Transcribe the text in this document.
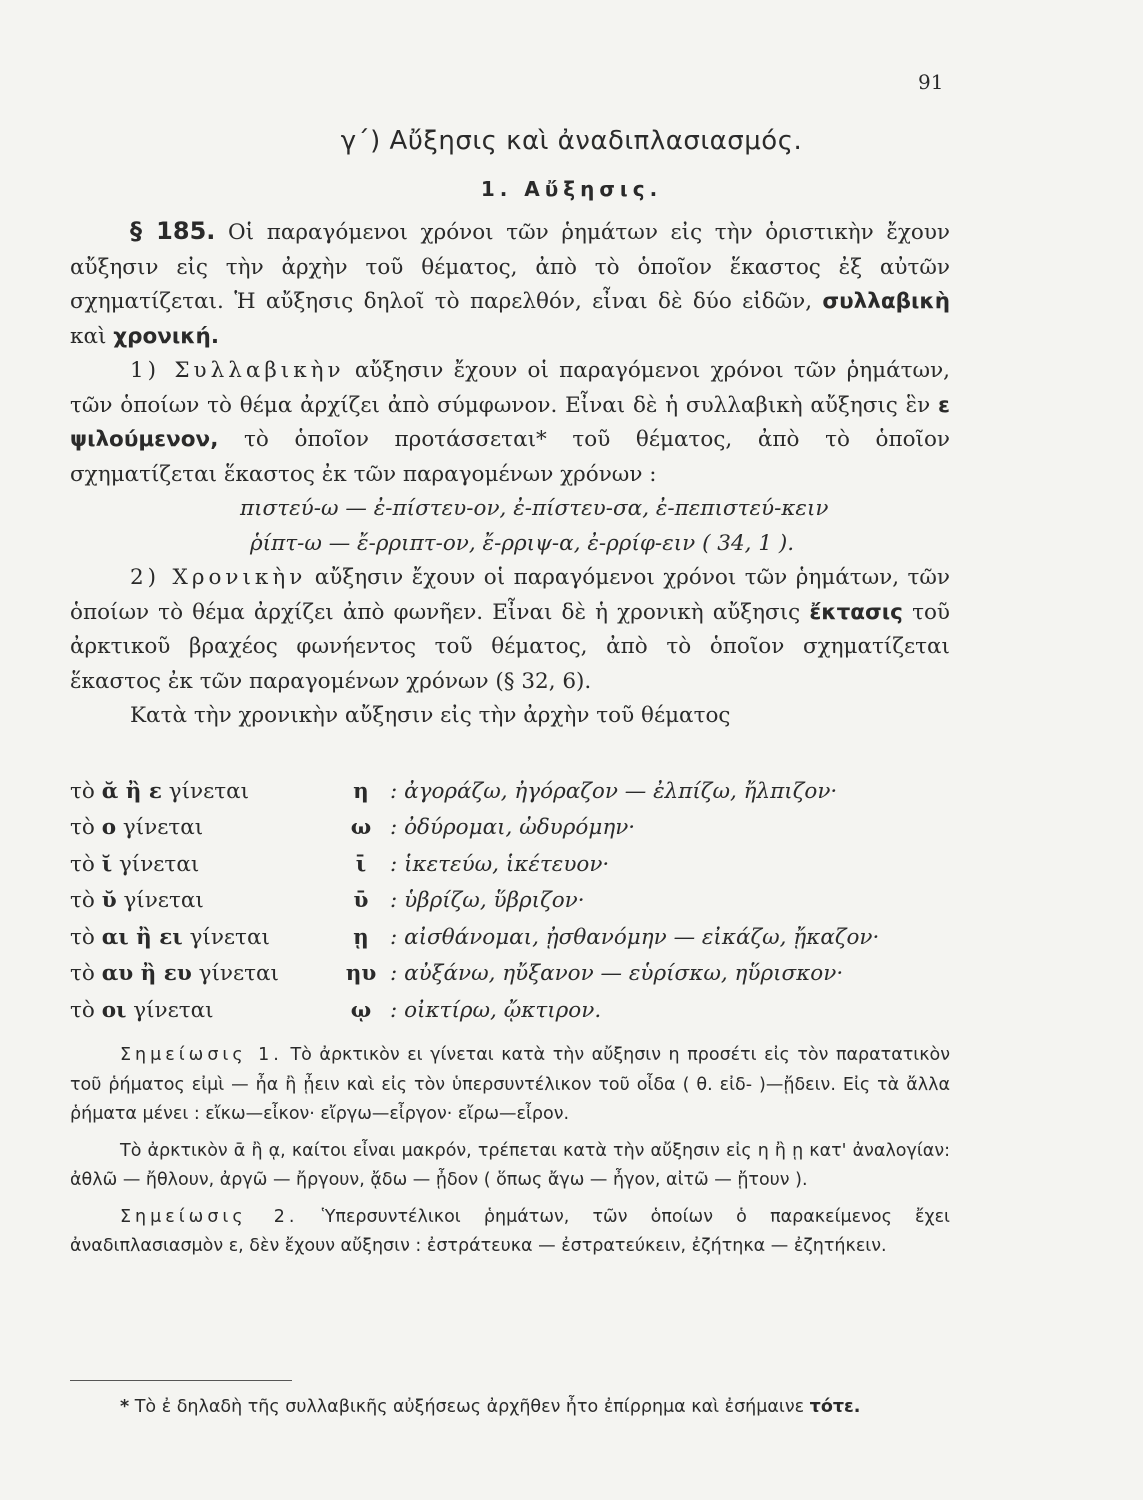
91
γ΄) Αὔξησις καὶ ἀναδιπλασιασμός.
1. Αὔξησις.

§ 185. Οἱ παραγόμενοι χρόνοι τῶν ῥημάτων εἰς τὴν ὁριστικὴν ἔχουν αὔξησιν εἰς τὴν ἀρχὴν τοῦ θέματος, ἀπὸ τὸ ὁποῖον ἕκαστος ἐξ αὐτῶν σχηματίζεται. Ἡ αὔξησις δηλοῖ τὸ παρελθόν, εἶναι δὲ δύο εἰδῶν, συλλαβικὴ καὶ χρονική.

1) Συλλαβικὴν αὔξησιν ἔχουν οἱ παραγόμενοι χρόνοι τῶν ῥημάτων, τῶν ὁποίων τὸ θέμα ἀρχίζει ἀπὸ σύμφωνον. Εἶναι δὲ ἡ συλλαβικὴ αὔξησις ἓν ε ψιλούμενον, τὸ ὁποῖον προτάσσεται* τοῦ θέματος, ἀπὸ τὸ ὁποῖον σχηματίζεται ἕκαστος ἐκ τῶν παραγομένων χρόνων :

πιστεύ-ω — ἐ-πίστευ-ον, ἐ-πίστευ-σα, ἐ-πεπιστεύ-κειν

ῥίπτ-ω — ἔ-ρριπτ-ον, ἔ-ρριψ-α, ἐ-ρρίφ-ειν ( 34, 1 ).

2) Χρονικὴν αὔξησιν ἔχουν οἱ παραγόμενοι χρόνοι τῶν ῥημάτων, τῶν ὁποίων τὸ θέμα ἀρχίζει ἀπὸ φωνῆεν. Εἶναι δὲ ἡ χρονικὴ αὔξησις ἔκτασις τοῦ ἀρκτικοῦ βραχέος φωνήεντος τοῦ θέματος, ἀπὸ τὸ ὁποῖον σχηματίζεται ἕκαστος ἐκ τῶν παραγομένων χρόνων (§ 32, 6).

Κατὰ τὴν χρονικὴν αὔξησιν εἰς τὴν ἀρχὴν τοῦ θέματος

τὸ ᾰ ἢ ε γίνεται	η : ἀγοράζω, ἠγόραζον — ἐλπίζω, ἤλπιζον·
τὸ ο γίνεται	ω : ὀδύρομαι, ὠδυρόμην·
τὸ ῐ γίνεται	ῑ	: ἱκετεύω, ἱκέτευον·
τὸ ῠ γίνεται	ῡ	: ὑβρίζω, ὕβριζον·
τὸ αι ἢ ει γίνεται	ῃ : αἰσθάνομαι, ᾐσθανόμην — εἰκάζω, ᾔκαζον·
τὸ αυ ἢ ευ γίνεται	ηυ : αὐξάνω, ηὔξανον — εὑρίσκω, ηὕρισκον·
τὸ οι γίνεται	ῳ : οἰκτίρω, ᾤκτιρον.

Σημείωσις 1. Τὸ ἀρκτικὸν ει γίνεται κατὰ τὴν αὔξησιν η προσέτι εἰς τὸν παρατατικὸν τοῦ ῥήματος εἰμὶ — ἦα ἢ ᾖειν καὶ εἰς τὸν ὑπερσυντέλικον τοῦ οἶδα ( θ. εἰδ- )—ᾔδειν. Εἰς τὰ ἄλλα ῥήματα μένει : εἴκω—εἶκον· εἴργω—εἶργον· εἴρω—εἶρον.

Τὸ ἀρκτικὸν ᾱ ἢ ᾳ, καίτοι εἶναι μακρόν, τρέπεται κατὰ τὴν αὔξησιν εἰς η ἢ ῃ κατ' ἀναλογίαν: ἀθλῶ — ἤθλουν, ἀργῶ — ἤργουν, ᾄδω — ᾖδον ( ὅπως ἄγω — ἦγον, αἰτῶ — ᾔτουν ).

Σημείωσις 2. Ὑπερσυντέλικοι ῥημάτων, τῶν ὁποίων ὁ παρακείμενος ἔχει ἀναδιπλασιασμὸν ε, δὲν ἔχουν αὔξησιν : ἐστράτευκα — ἐστρατεύκειν, ἐζήτηκα — ἐζητήκειν.

* Τὸ ἐ δηλαδὴ τῆς συλλαβικῆς αὐξήσεως ἀρχῆθεν ἦτο ἐπίρρημα καὶ ἐσήμαινε τότε.
